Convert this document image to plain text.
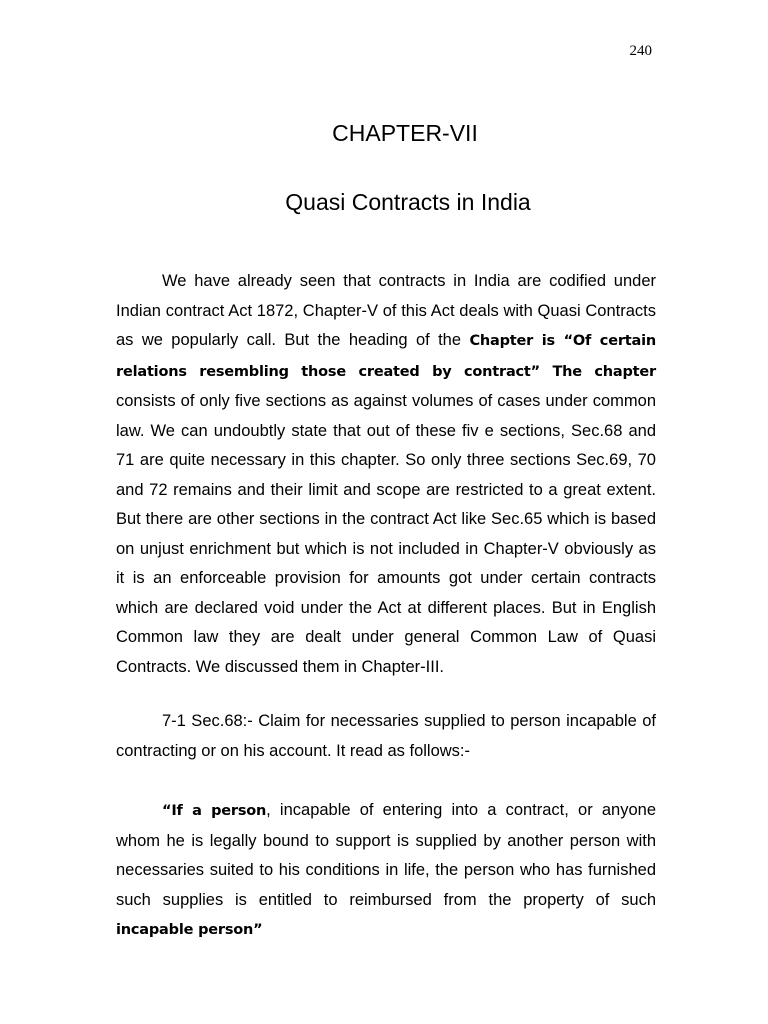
240
CHAPTER-VII
Quasi Contracts in India

We have already seen that contracts in India are codified under Indian contract Act 1872, Chapter-V of this Act deals with Quasi Contracts as we popularly call. But the heading of the Chapter is “Of certain relations resembling those created by contract” The chapter consists of only five sections as against volumes of cases under common law. We can undoubtly state that out of these fiv e sections, Sec.68 and 71 are quite necessary in this chapter. So only three sections Sec.69, 70 and 72 remains and their limit and scope are restricted to a great extent. But there are other sections in the contract Act like Sec.65 which is based on unjust enrichment but which is not included in Chapter-V obviously as it is an enforceable provision for amounts got under certain contracts which are declared void under the Act at different places. But in English Common law they are dealt under general Common Law of Quasi Contracts. We discussed them in Chapter-III.

7-1 Sec.68:- Claim for necessaries supplied to person incapable of contracting or on his account. It read as follows:-

“If a person, incapable of entering into a contract, or anyone whom he is legally bound to support is supplied by another person with necessaries suited to his conditions in life, the person who has furnished such supplies is entitled to reimbursed from the property of such incapable person”
